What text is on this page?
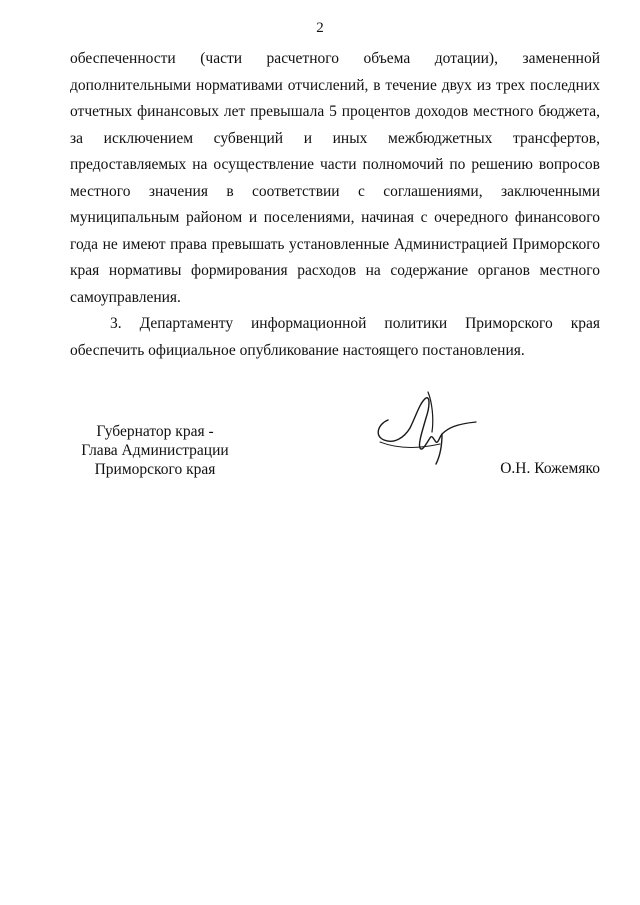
2

обеспеченности (части расчетного объема дотации), замененной дополнительными нормативами отчислений, в течение двух из трех последних отчетных финансовых лет превышала 5 процентов доходов местного бюджета, за исключением субвенций и иных межбюджетных трансфертов, предоставляемых на осуществление части полномочий по решению вопросов местного значения в соответствии с соглашениями, заключенными муниципальным районом и поселениями, начиная с очередного финансового года не имеют права превышать установленные Администрацией Приморского края нормативы формирования расходов на содержание органов местного самоуправления.

3. Департаменту информационной политики Приморского края обеспечить официальное опубликование настоящего постановления.

Губернатор края -
Глава Администрации
Приморского края	О.Н. Кожемяко
